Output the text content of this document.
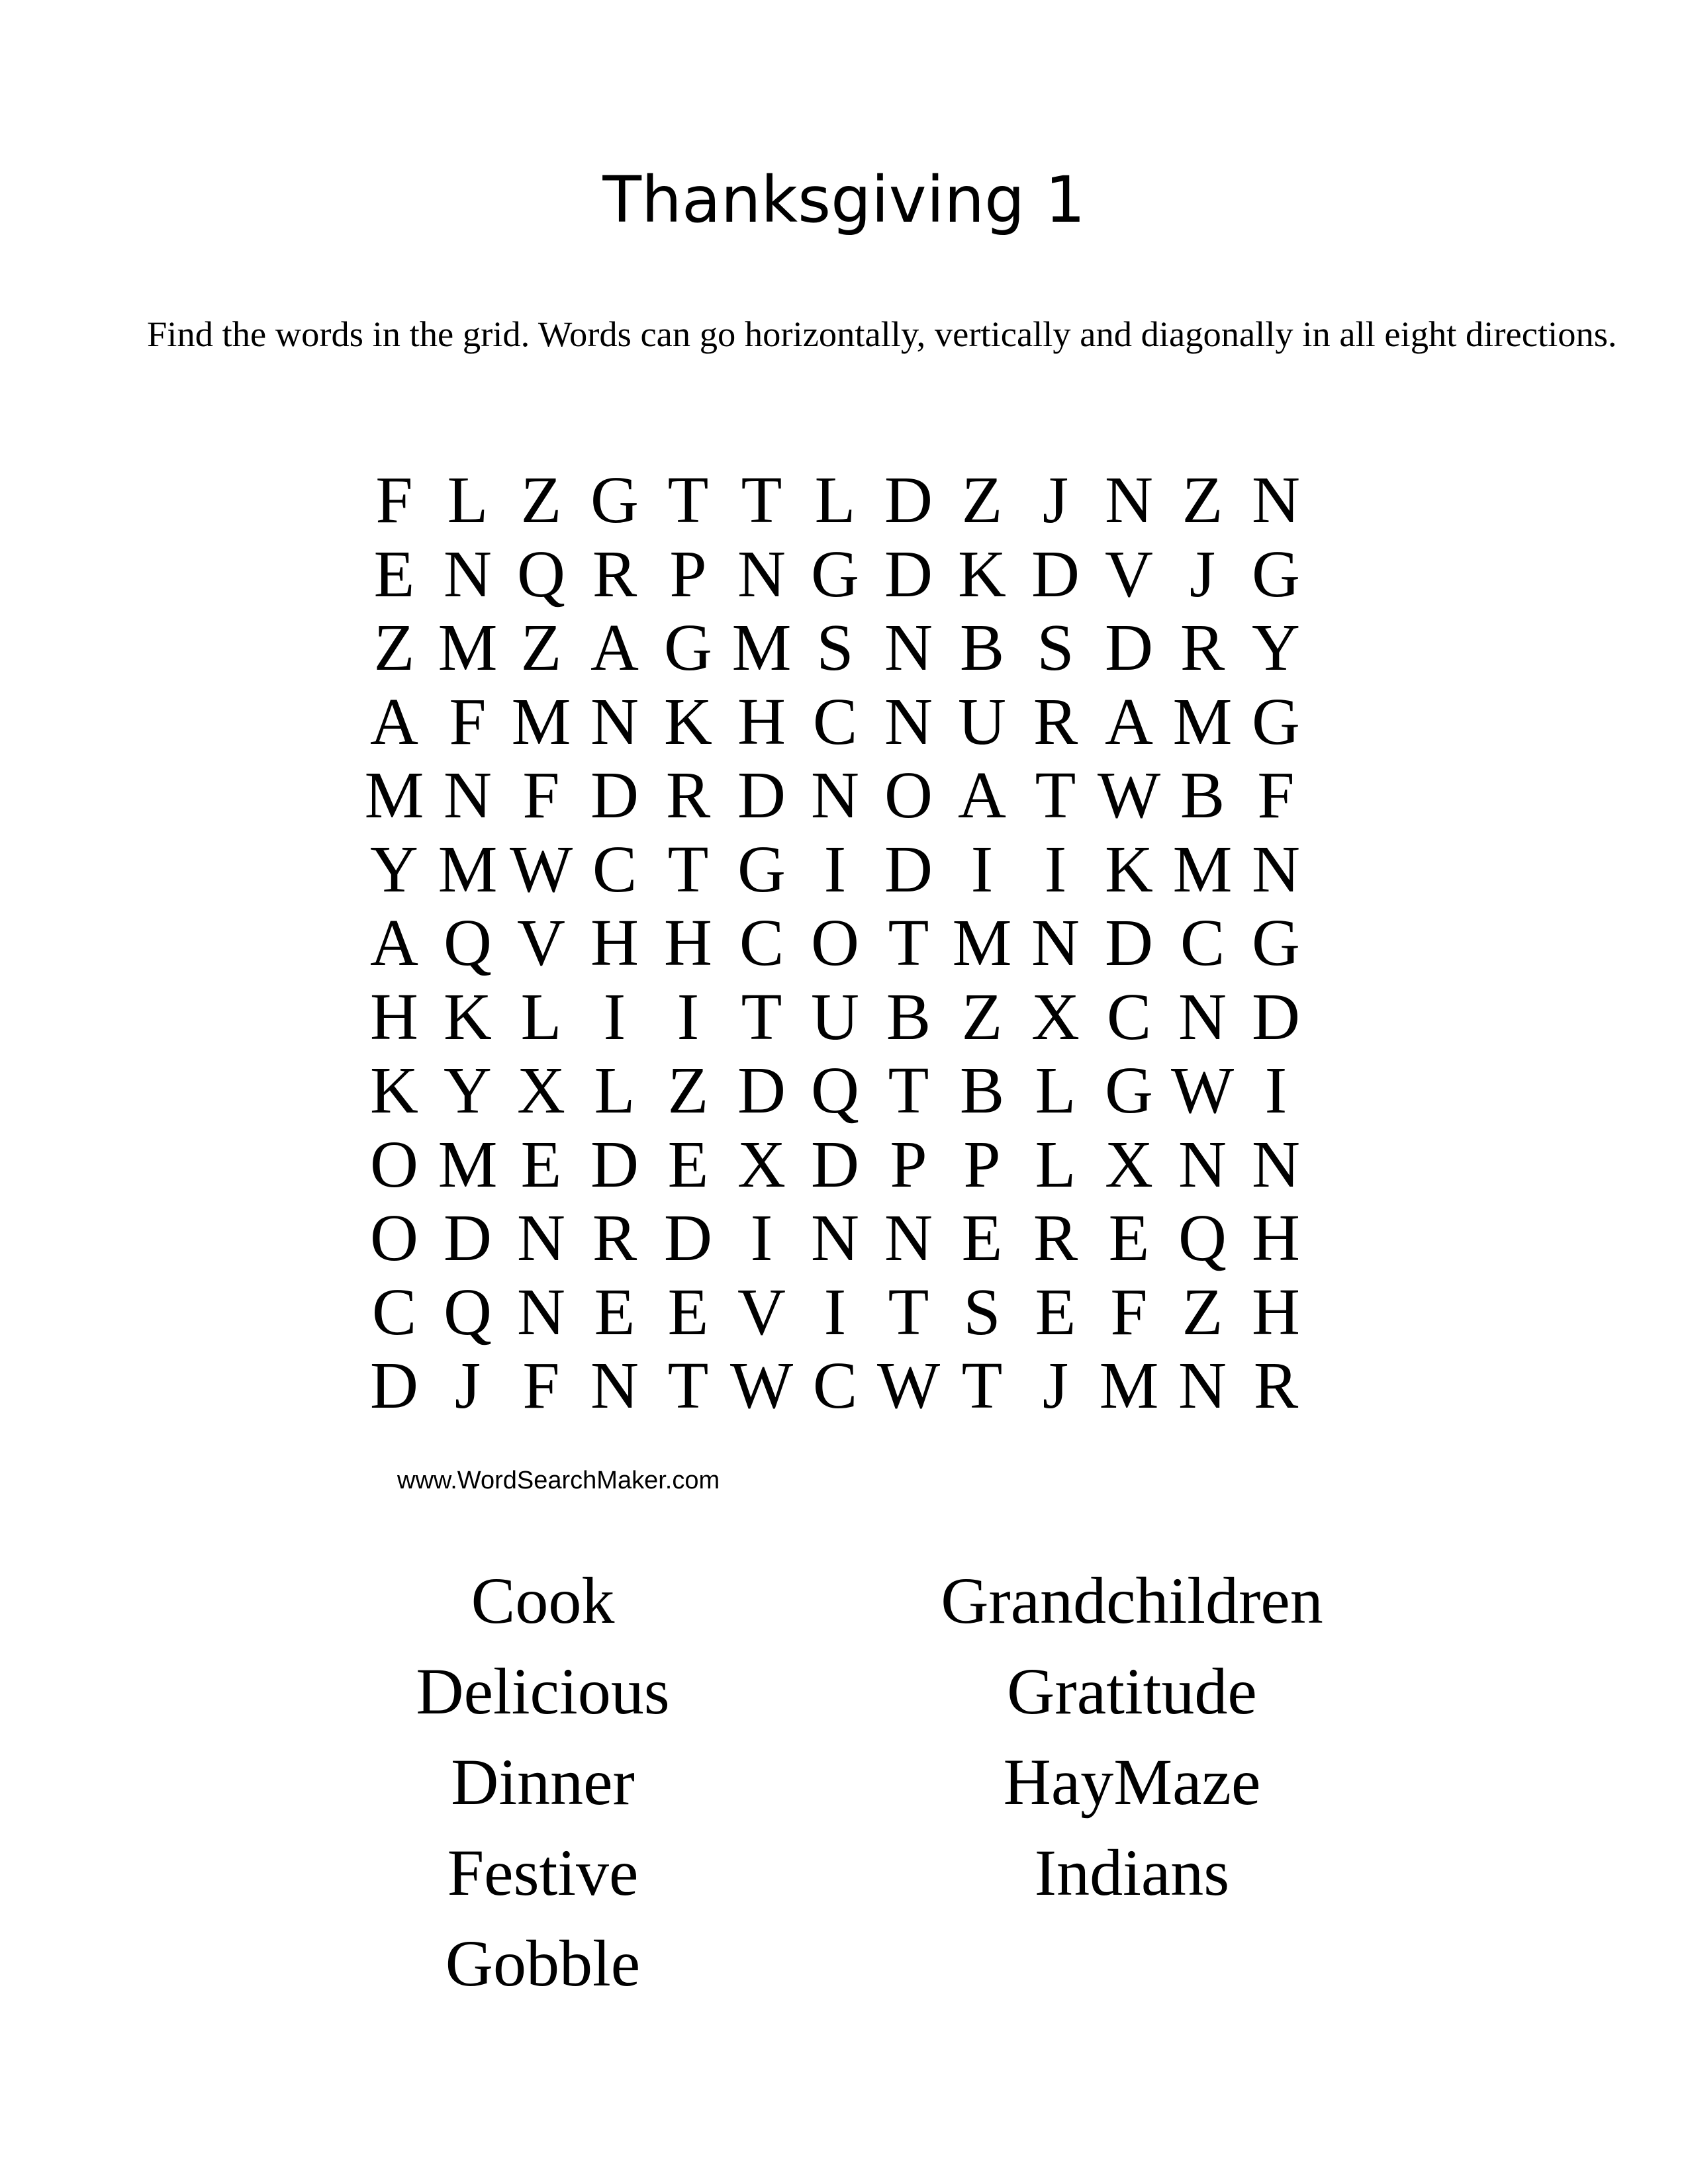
Thanksgiving 1
Find the words in the grid. Words can go horizontally, vertically and diagonally in all eight directions.
F L Z G T T L D Z J N Z N
E N Q R P N G D K D V J G
Z M Z A G M S N B S D R Y
A F M N K H C N U R A M G
M N F D R D N O A T W B F
Y M W C T G I D I I K M N
A Q V H H C O T M N D C G
H K L I I T U B Z X C N D
K Y X L Z D Q T B L G W I
O M E D E X D P P L X N N
O D N R D I N N E R E Q H
C Q N E E V I T S E F Z H
D J F N T W C W T J M N R
www.WordSearchMaker.com
Cook
Delicious
Dinner
Festive
Gobble
Grandchildren
Gratitude
HayMaze
Indians
